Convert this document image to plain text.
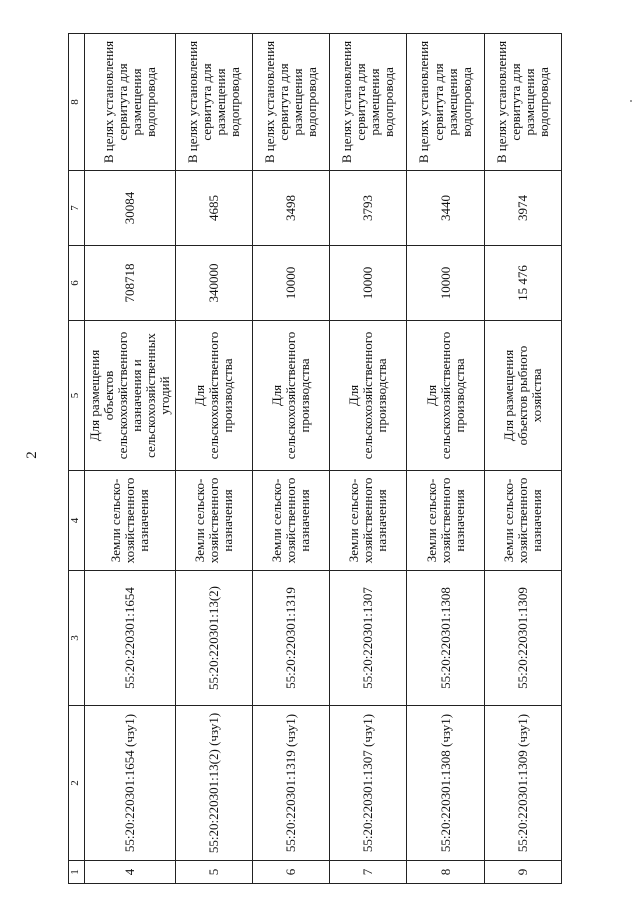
2
1	2	3	4	5	6	7	8
4	55:20:220301:1654 (чзу1)	55:20:220301:1654	Земли сельско-хозяйственного назначения	Для размещения объектов сельскохозяйственного назначения и сельскохозяйственных угодий	708718	30084	В целях установления сервитута для размещения водопровода
5	55:20:220301:13(2) (чзу1)	55:20:220301:13(2)	Земли сельско-хозяйственного назначения	Для сельскохозяйственного производства	340000	4685	В целях установления сервитута для размещения водопровода
6	55:20:220301:1319 (чзу1)	55:20:220301:1319	Земли сельско-хозяйственного назначения	Для сельскохозяйственного производства	10000	3498	В целях установления сервитута для размещения водопровода
7	55:20:220301:1307 (чзу1)	55:20:220301:1307	Земли сельско-хозяйственного назначения	Для сельскохозяйственного производства	10000	3793	В целях установления сервитута для размещения водопровода
8	55:20:220301:1308 (чзу1)	55:20:220301:1308	Земли сельско-хозяйственного назначения	Для сельскохозяйственного производства	10000	3440	В целях установления сервитута для размещения водопровода
9	55:20:220301:1309 (чзу1)	55:20:220301:1309	Земли сельско-хозяйственного назначения	Для размещения объектов рыбного хозяйства	15 476	3974	В целях установления сервитута для размещения водопровода
